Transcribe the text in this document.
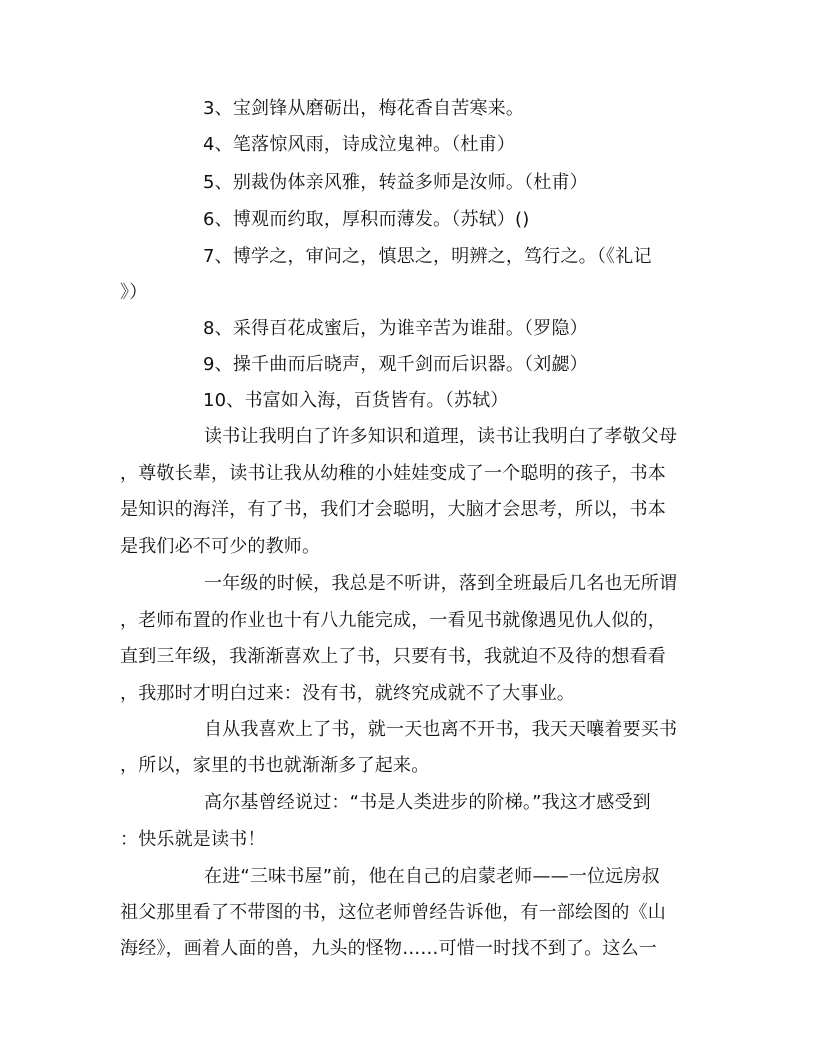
3、宝剑锋从磨砺出，梅花香自苦寒来。

4、笔落惊风雨，诗成泣鬼神。（杜甫）

5、别裁伪体亲风雅，转益多师是汝师。（杜甫）

6、博观而约取，厚积而薄发。（苏轼）()

7、博学之，审问之，慎思之，明辨之，笃行之。（《礼记

》）

8、采得百花成蜜后，为谁辛苦为谁甜。（罗隐）

9、操千曲而后晓声，观千剑而后识器。（刘勰）

10、书富如入海，百货皆有。（苏轼）

读书让我明白了许多知识和道理，读书让我明白了孝敬父母

，尊敬长辈，读书让我从幼稚的小娃娃变成了一个聪明的孩子，书本

是知识的海洋，有了书，我们才会聪明，大脑才会思考，所以，书本

是我们必不可少的教师。

一年级的时候，我总是不听讲，落到全班最后几名也无所谓

，老师布置的作业也十有八九能完成，一看见书就像遇见仇人似的，

直到三年级，我渐渐喜欢上了书，只要有书，我就迫不及待的想看看

，我那时才明白过来：没有书，就终究成就不了大事业。

自从我喜欢上了书，就一天也离不开书，我天天嚷着要买书

，所以，家里的书也就渐渐多了起来。

高尔基曾经说过：“书是人类进步的阶梯。”我这才感受到

：快乐就是读书！

在进“三味书屋”前，他在自己的启蒙老师——一位远房叔

祖父那里看了不带图的书，这位老师曾经告诉他，有一部绘图的《山

海经》，画着人面的兽，九头的怪物……可惜一时找不到了。这么一
